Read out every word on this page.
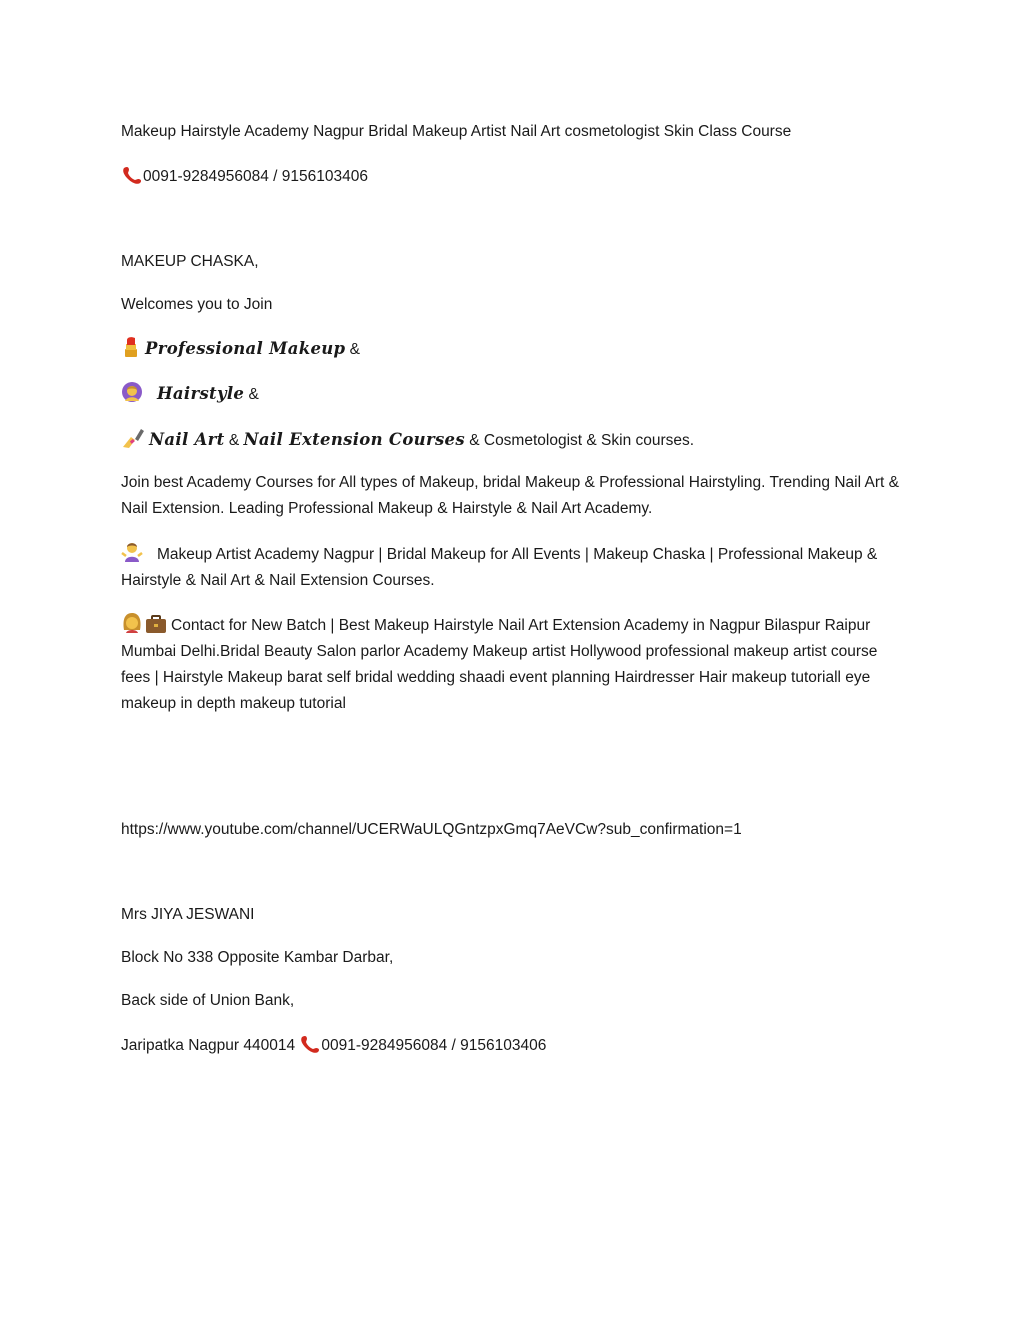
Makeup Hairstyle Academy Nagpur Bridal Makeup Artist Nail Art cosmetologist Skin Class Course
0091-9284956084 / 9156103406
MAKEUP CHASKA,
Welcomes you to Join
Professional Makeup &
Hairstyle &
Nail Art & Nail Extension Courses & Cosmetologist & Skin courses.
Join best Academy Courses for All types of Makeup, bridal Makeup & Professional Hairstyling. Trending Nail Art & Nail Extension. Leading Professional Makeup & Hairstyle & Nail Art Academy.
Makeup Artist Academy Nagpur | Bridal Makeup for All Events | Makeup Chaska | Professional Makeup & Hairstyle & Nail Art & Nail Extension Courses.
Contact for New Batch | Best Makeup Hairstyle Nail Art Extension Academy in Nagpur Bilaspur Raipur Mumbai Delhi.Bridal Beauty Salon parlor Academy Makeup artist Hollywood professional makeup artist course fees | Hairstyle Makeup barat self bridal wedding shaadi event planning Hairdresser Hair makeup tutoriall eye makeup in depth makeup tutorial
https://www.youtube.com/channel/UCERWaULQGntzpxGmq7AeVCw?sub_confirmation=1
Mrs JIYA JESWANI
Block No 338 Opposite Kambar Darbar,
Back side of Union Bank,
Jaripatka Nagpur 440014
0091-9284956084 / 9156103406
